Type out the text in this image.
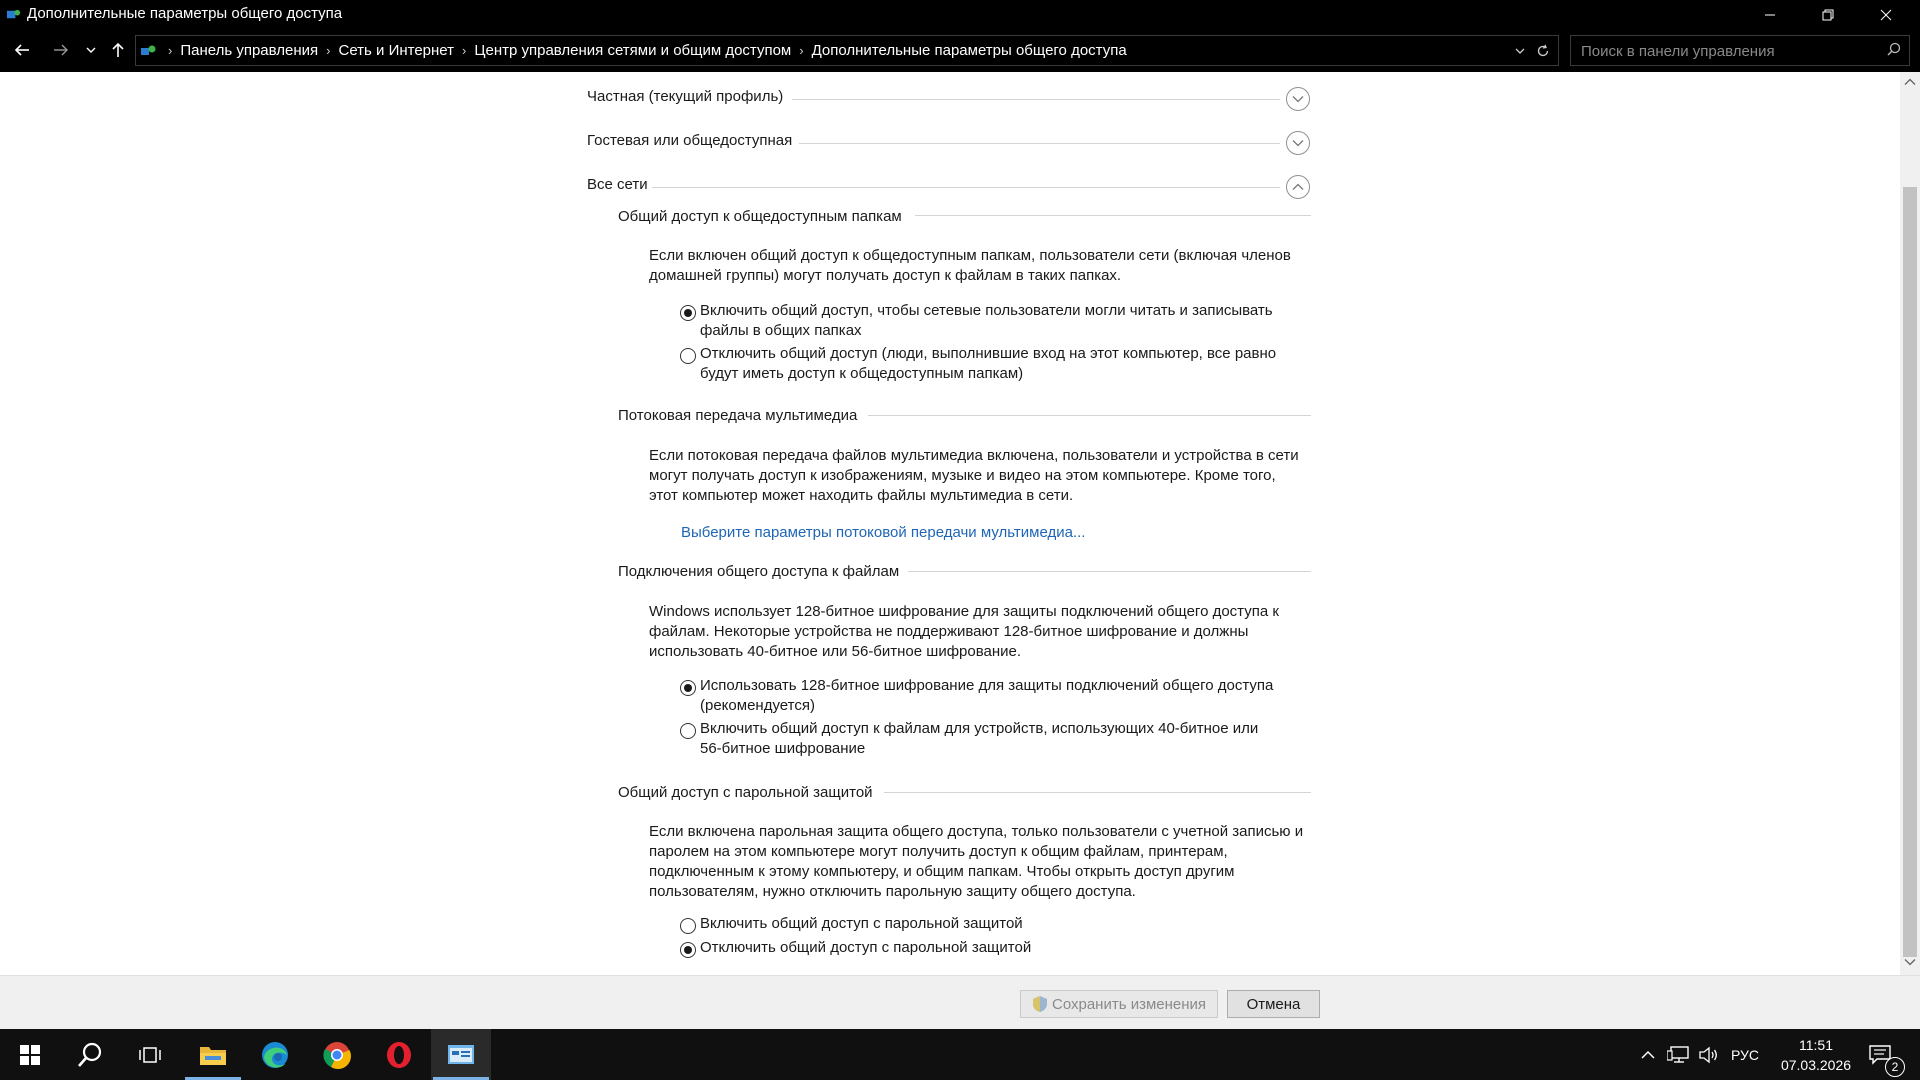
Дополнительные параметры общего доступа
› Панель управления › Сеть и Интернет › Центр управления сетями и общим доступом › Дополнительные параметры общего доступа
Поиск в панели управления
Частная (текущий профиль)
Гостевая или общедоступная
Все сети
Общий доступ к общедоступным папкам
Если включен общий доступ к общедоступным папкам, пользователи сети (включая членов
домашней группы) могут получать доступ к файлам в таких папках.
Включить общий доступ, чтобы сетевые пользователи могли читать и записывать
файлы в общих папках
Отключить общий доступ (люди, выполнившие вход на этот компьютер, все равно
будут иметь доступ к общедоступным папкам)
Потоковая передача мультимедиа
Если потоковая передача файлов мультимедиа включена, пользователи и устройства в сети
могут получать доступ к изображениям, музыке и видео на этом компьютере. Кроме того,
этот компьютер может находить файлы мультимедиа в сети.
Выберите параметры потоковой передачи мультимедиа...
Подключения общего доступа к файлам
Windows использует 128-битное шифрование для защиты подключений общего доступа к
файлам. Некоторые устройства не поддерживают 128-битное шифрование и должны
использовать 40-битное или 56-битное шифрование.
Использовать 128-битное шифрование для защиты подключений общего доступа
(рекомендуется)
Включить общий доступ к файлам для устройств, использующих 40-битное или
56-битное шифрование
Общий доступ с парольной защитой
Если включена парольная защита общего доступа, только пользователи с учетной записью и
паролем на этом компьютере могут получить доступ к общим файлам, принтерам,
подключенным к этому компьютеру, и общим папкам. Чтобы открыть доступ другим
пользователям, нужно отключить парольную защиту общего доступа.
Включить общий доступ с парольной защитой
Отключить общий доступ с парольной защитой
Сохранить изменения	Отмена
РУС
11:51
07.03.2026	2
